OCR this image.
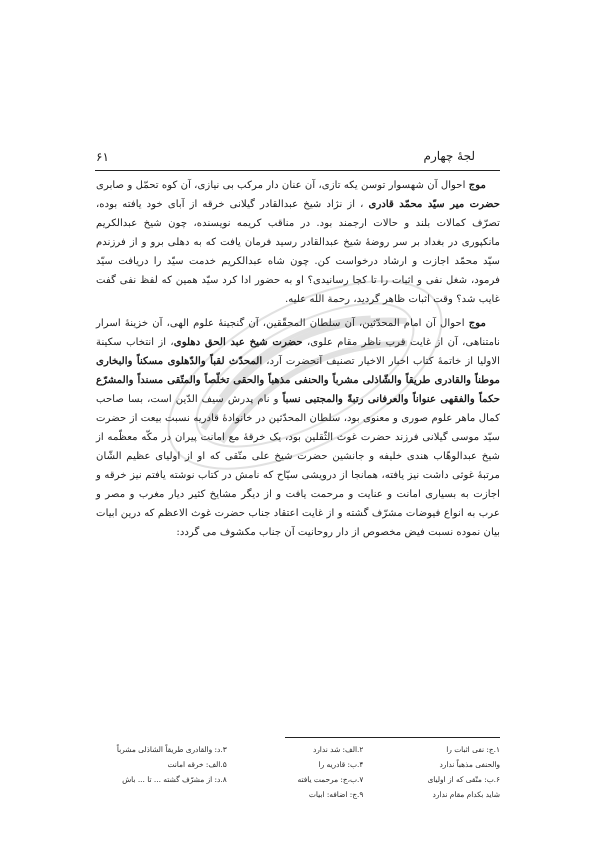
۶۱	لجهٔ چهارم

موج احوال آن شهسوار توسن یکه تازی، آن عنان دار مرکب بی نیازی، آن کوه تحمّل و صابری حضرت میر سیّد محمّد قادری ، از نژاد شیخ عبدالقادر گیلانی خرقه از آبای خود یافته بوده، تصرّف کمالات بلند و حالات ارجمند بود. در مناقب کریمه نویسنده، چون شیخ عبدالکریم مانکپوری در بغداد بر سر روضهٔ شیخ عبدالقادر رسید فرمان یافت که به دهلی برو و از فرزندم سیّد محمّد اجازت و ارشاد درخواست کن. چون شاه عبدالکریم خدمت سیّد را دریافت سیّد فرمود، شغل نفی و اثبات را تا کجا رسانیدی؟ او به حضور ادا کرد سیّد همین که لفظ نفی گفت غایب شد؟ وقت اثبات ظاهر گردید، رحمة الله علیه.

موج احوال آن امام المحدّثین، آن سلطان المحقّقین، آن گنجینهٔ علوم الهی، آن خزینهٔ اسرار نامتناهی، آن از غایت قرب ناظر مقام علوی، حضرت شیخ عبد الحق دهلوی، از انتخاب سکینة الاولیا از خاتمهٔ کتاب اخبار الاخیار تصنیف آنحضرت آرد، المحدّث لقباً والدّهلوی مسکناً والبخاری موطناً والقادری طریقاً والشّاذلی مشرباً والحنفی مذهباً والحقی تخلّصاً والمتّقی مسنداً والمشرّع حکماً والفقهی عنواناً والعرفانی رتبةً والمجتبی نسباً و نام پدرش سیف الدّین است، بسا صاحب کمال ماهر علوم صوری و معنوی بود، سلطان المحدّثین در خانوادهٔ قادریه نسبت بیعت از حضرت سیّد موسی گیلانی فرزند حضرت غوث الثّقلین بود، یک خرقهٔ مع امانت پیران در مکّه معظّمه از شیخ عبدالوهّاب هندی خلیفه و جانشین حضرت شیخ علی متّقی که او از اولیای عظیم الشّان مرتبهٔ غوثی داشت نیز یافته، همانجا از درویشی سیّاح که نامش در کتاب نوشته یافتم نیز خرقه و اجازت به بسیاری امانت و عنایت و مرحمت یافت و از دیگر مشایخ کثیر دیار مغرب و مصر و عرب به انواع فیوضات مشرّف گشته و از غایت اعتقاد جناب حضرت غوث الاعظم که درین ابیات بیان نموده نسبت فیض مخصوص از دار روحانیت آن جناب مکشوف می گردد:

۱.ج: نفی اثبات را
۲.الف: شد ندارد
۳.د: والقادری طریقاً الشاذلی مشرباً
والحنفی مذهباً ندارد
۴.ب: قادریه را
۵.الف: خرقه امانت
۶.ب: متّقی که از اولیای
۷.ب،ج: مرحمت یافته
۸.د: از مشرّف گشته ... تا ... باش
شاید بکدام مقام ندارد
۹.ج: اضافه: ابیات
